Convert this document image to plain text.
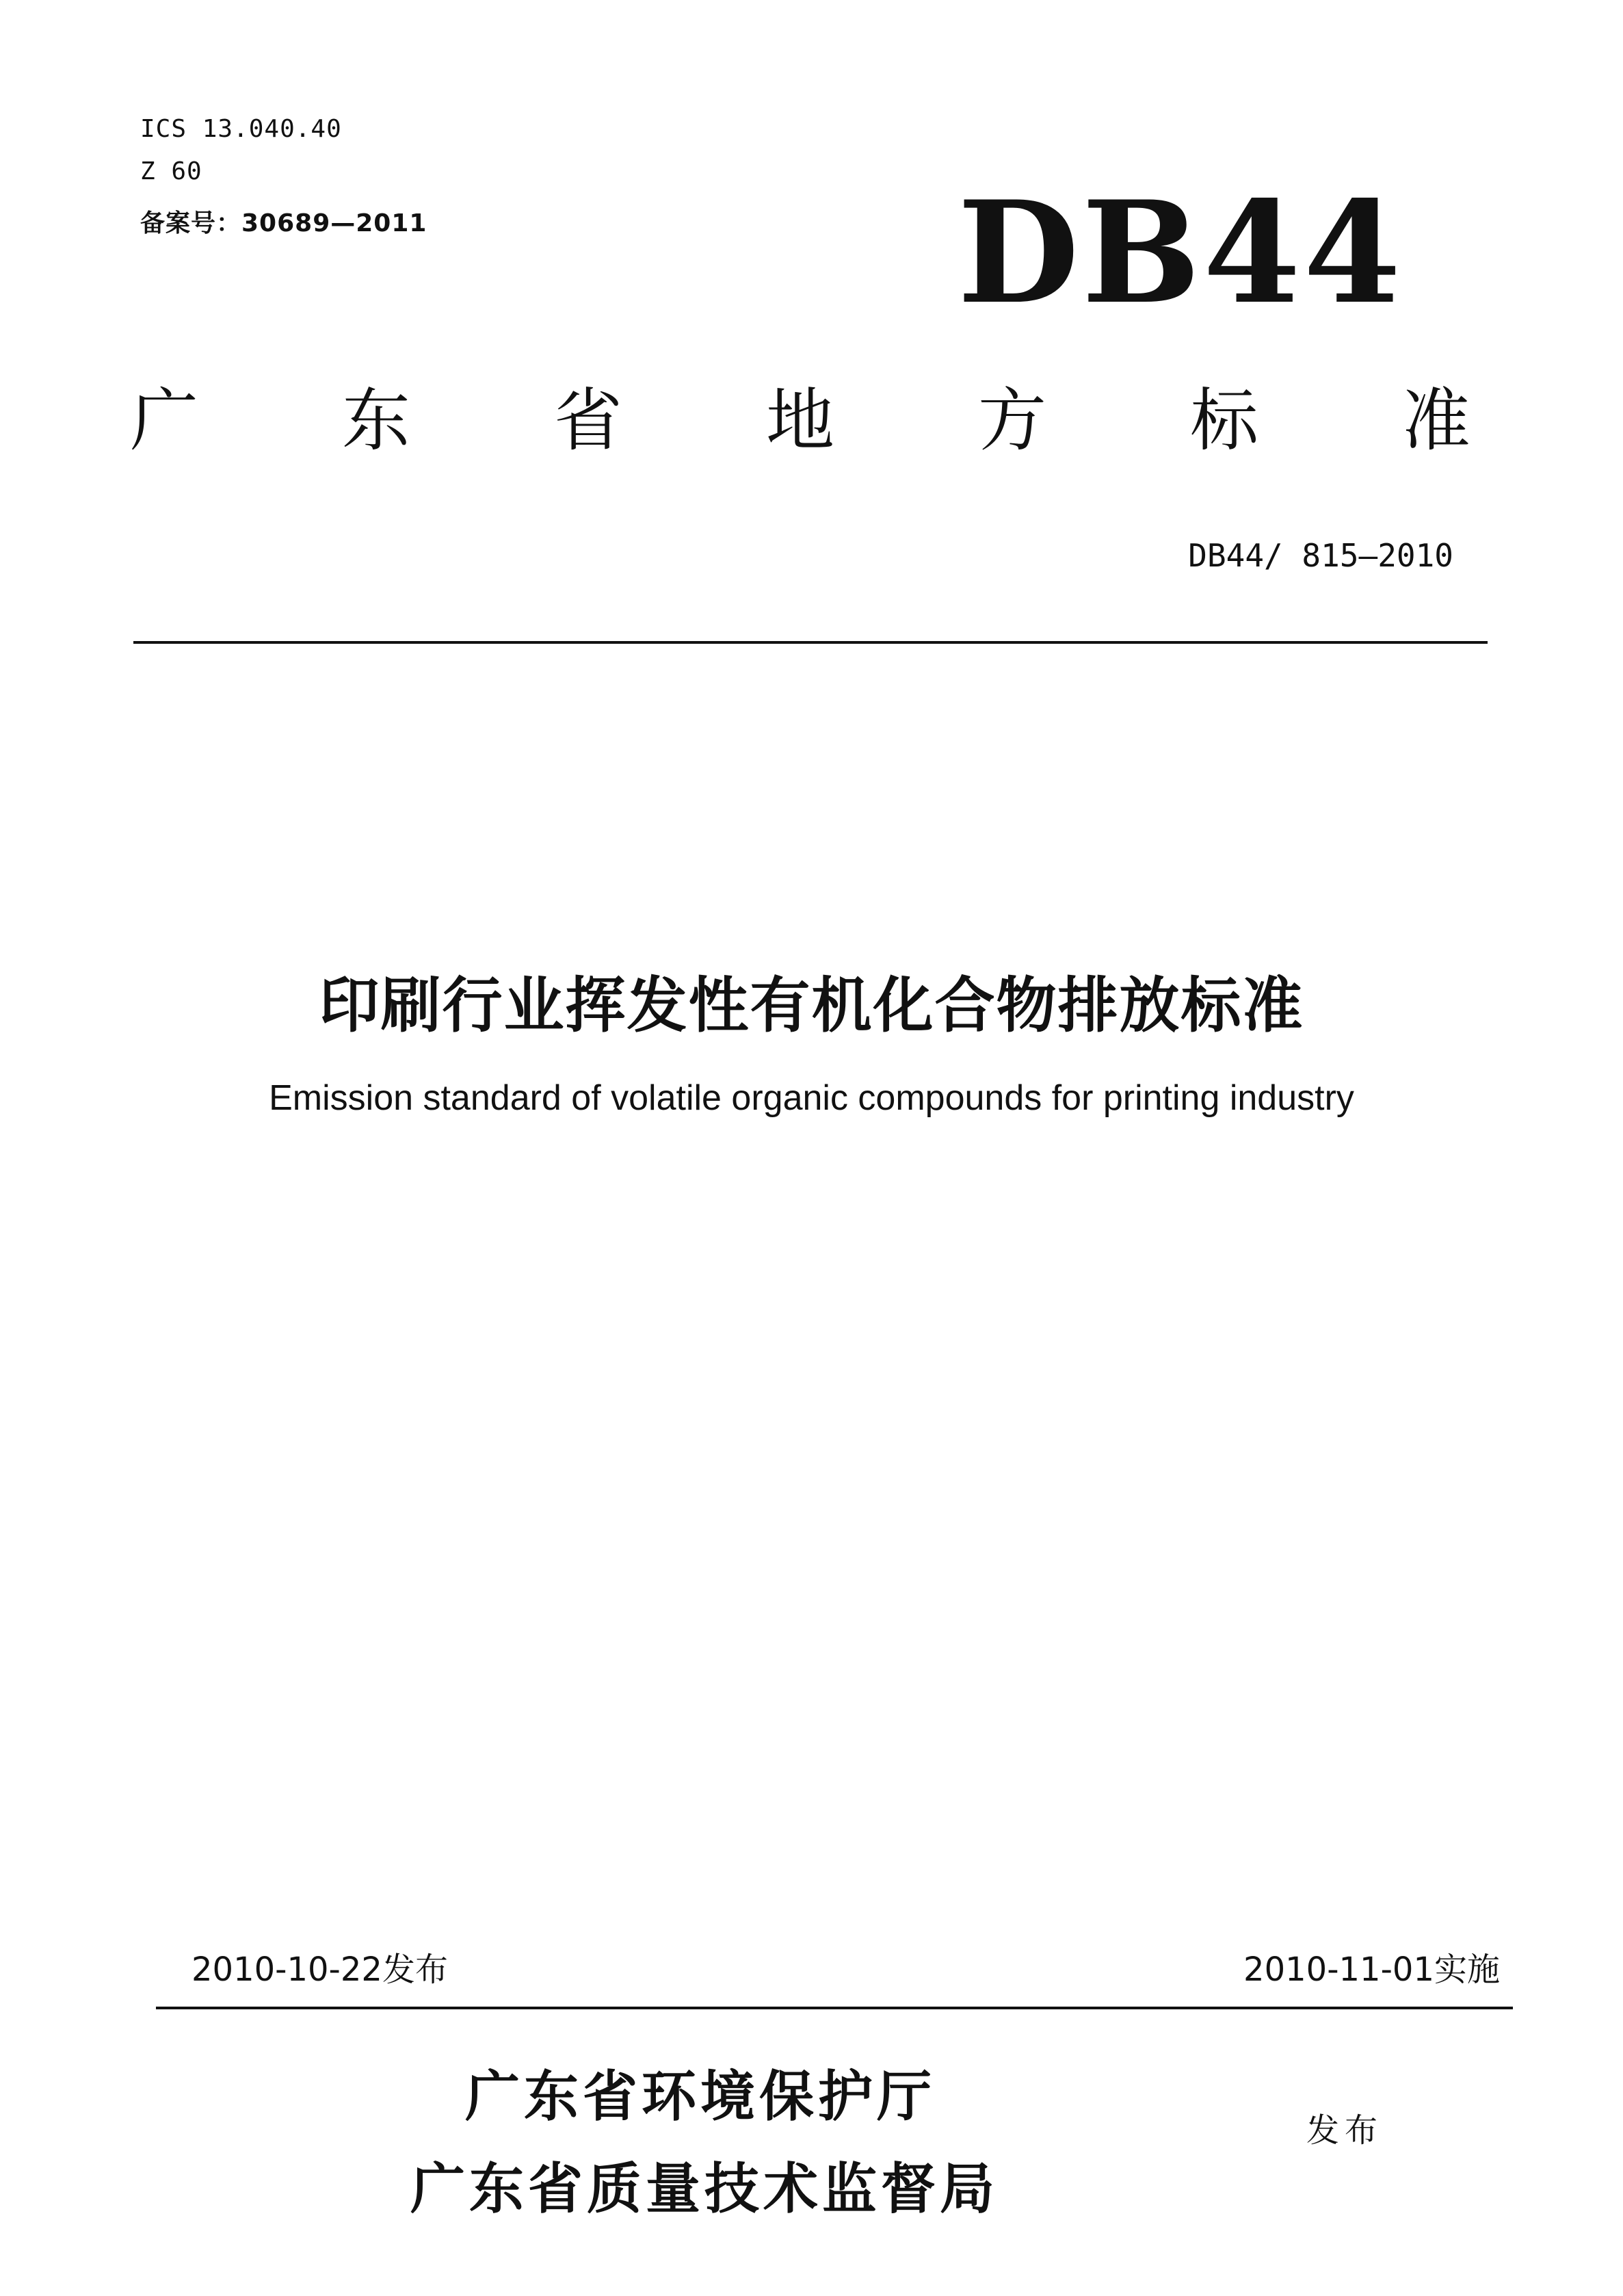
ICS 13.040.40
Z 60
备案号：30689—2011	DB44
广 东 省 地 方 标 准
DB44/ 815—2010
印刷行业挥发性有机化合物排放标准
Emission standard of volatile organic compounds for printing industry
2010-10-22发布	2010-11-01实施
广东省环境保护厅
广东省质量技术监督局
发布
